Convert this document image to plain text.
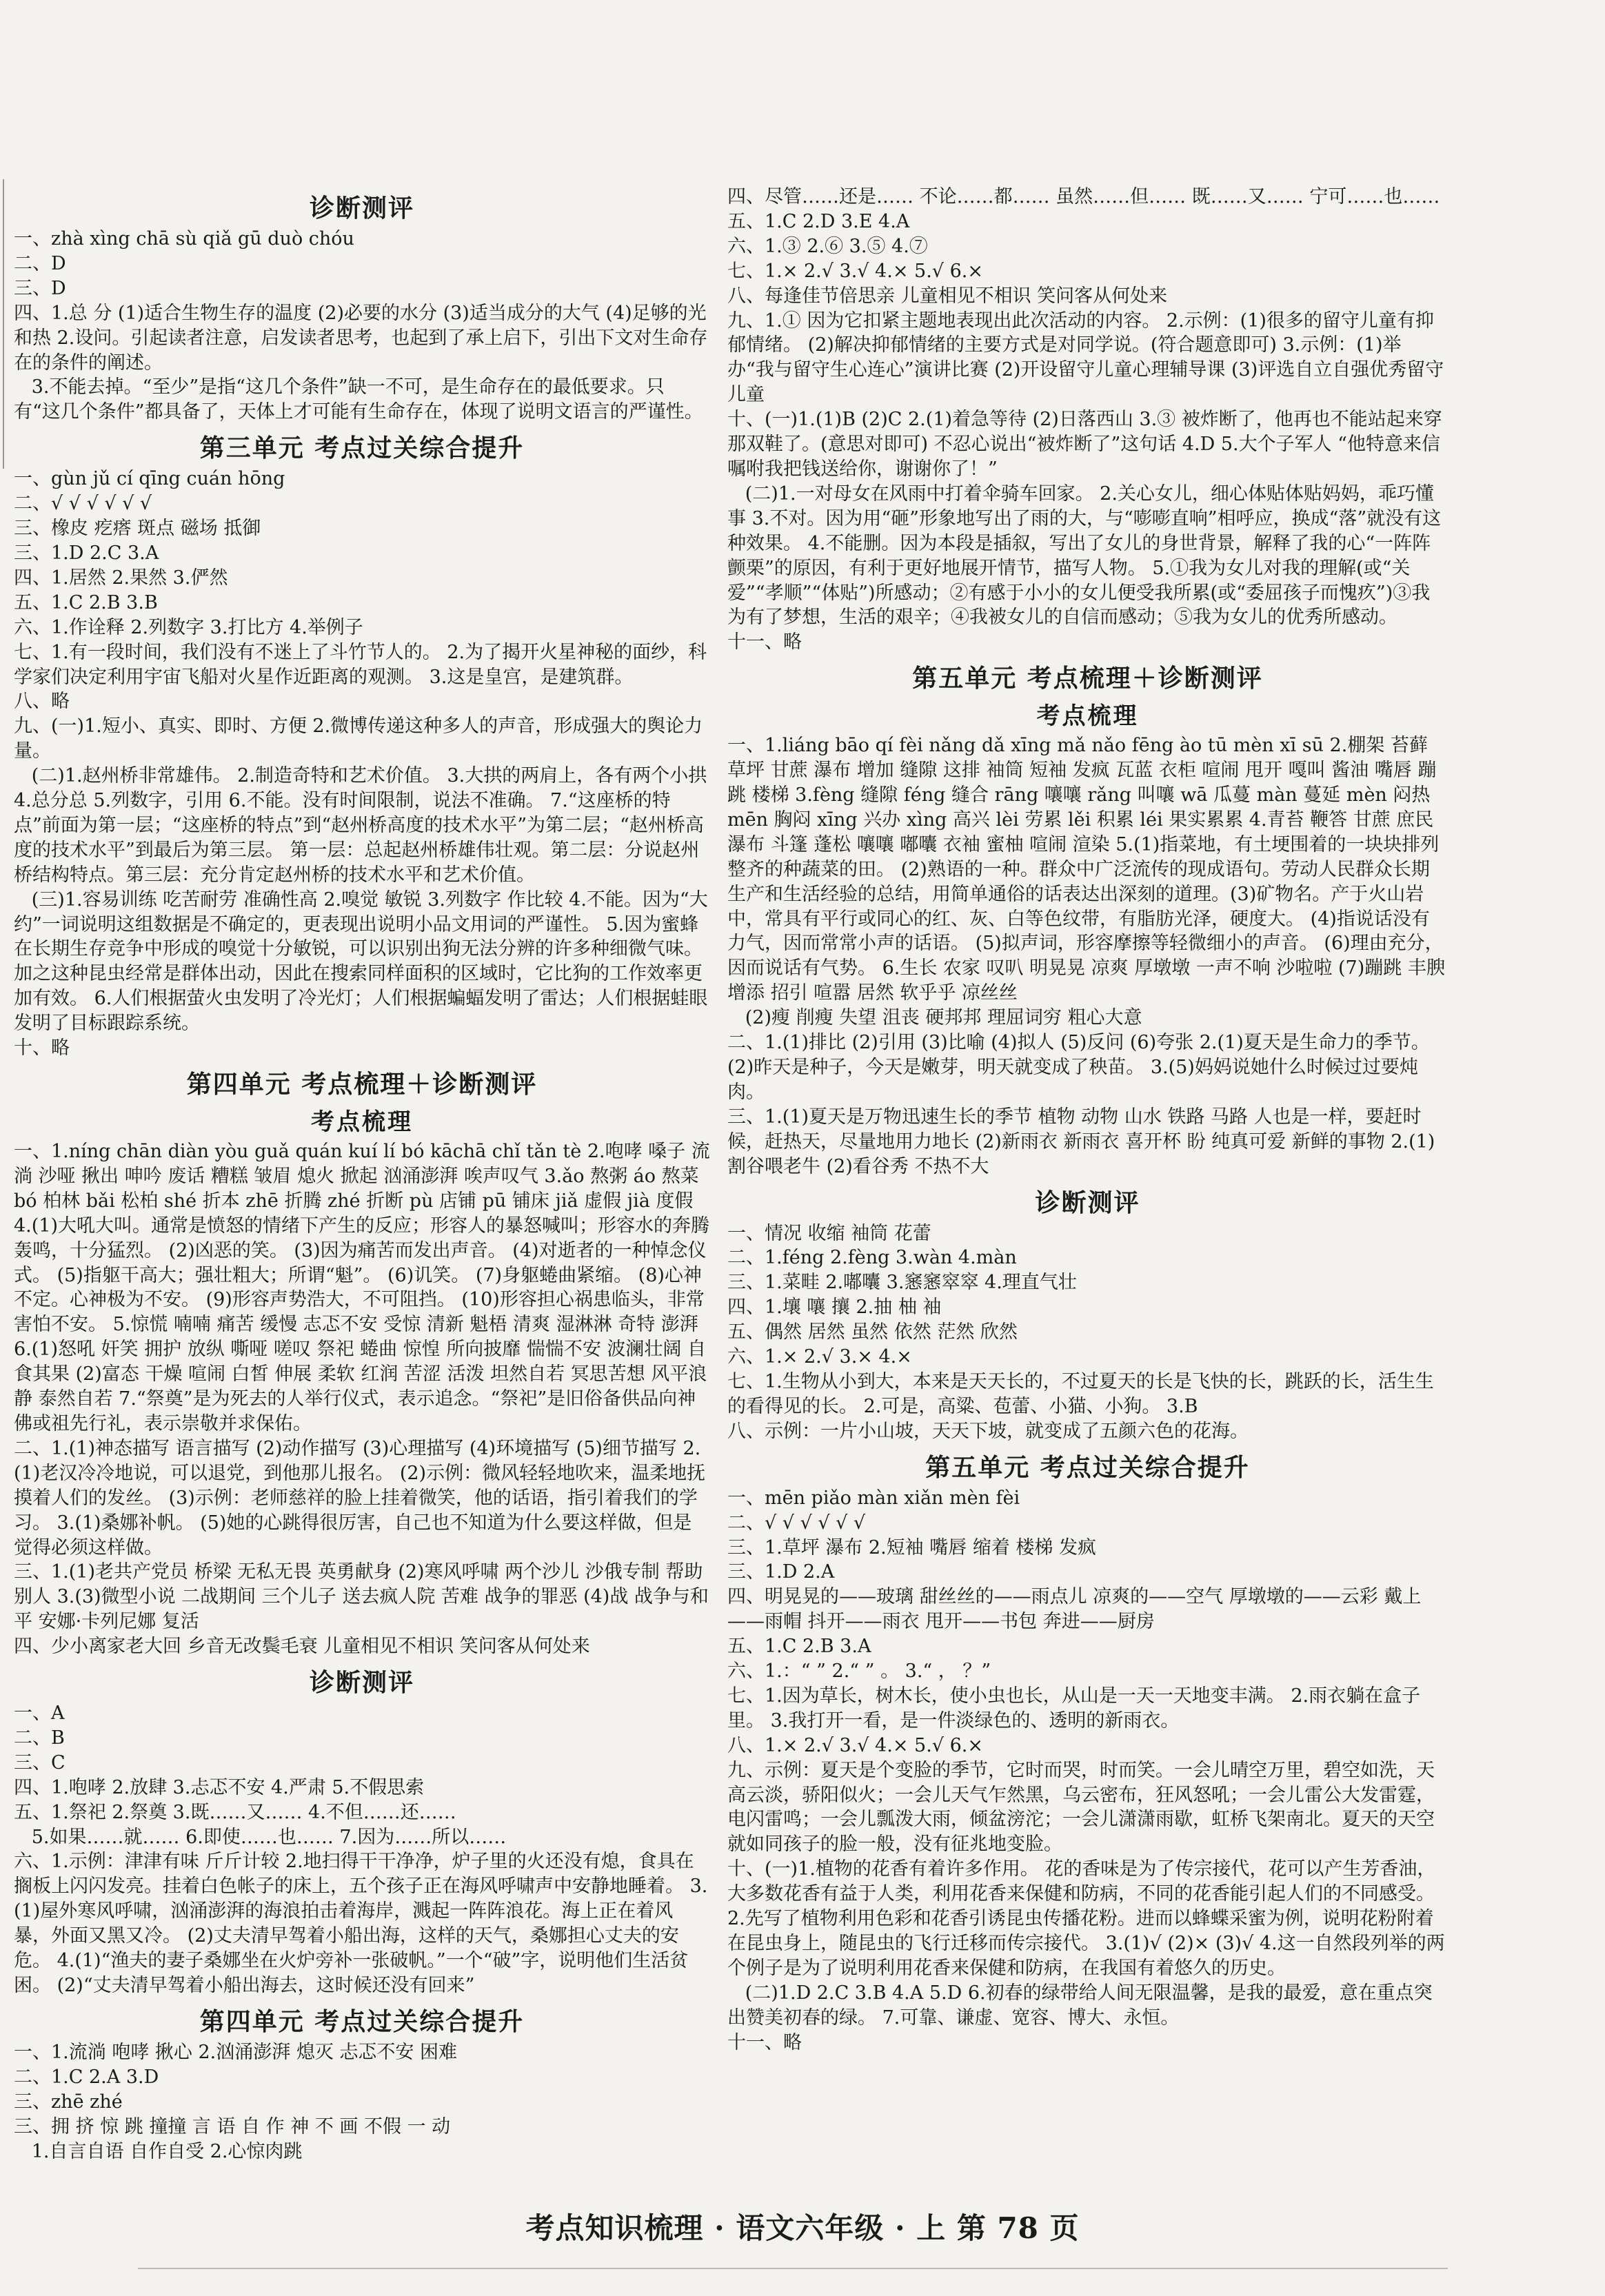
诊断测评
一、zhà xìng chā sù qiǎ gū duò chóu
二、D
三、D
四、1.总 分 (1)适合生物生存的温度 (2)必要的水分 (3)适当成分的大气 (4)足够的光和热 2.设问。引起读者注意，启发读者思考，也起到了承上启下，引出下文对生命存在的条件的阐述。
3.不能去掉。“至少”是指“这几个条件”缺一不可，是生命存在的最低要求。只有“这几个条件”都具备了，天体上才可能有生命存在，体现了说明文语言的严谨性。
第三单元 考点过关综合提升
一、gùn jǔ cí qīng cuán hōng
二、√ √ √ √ √ √
三、橡皮 疙瘩 斑点 磁场 抵御
三、1.D 2.C 3.A
四、1.居然 2.果然 3.俨然
五、1.C 2.B 3.B
六、1.作诠释 2.列数字 3.打比方 4.举例子
七、1.有一段时间，我们没有不迷上了斗竹节人的。 2.为了揭开火星神秘的面纱，科学家们决定利用宇宙飞船对火星作近距离的观测。 3.这是皇宫，是建筑群。
八、略
九、(一)1.短小、真实、即时、方便 2.微博传递这种多人的声音，形成强大的舆论力量。
(二)1.赵州桥非常雄伟。 2.制造奇特和艺术价值。 3.大拱的两肩上，各有两个小拱 4.总分总 5.列数字，引用 6.不能。没有时间限制，说法不准确。 7.“这座桥的特点”前面为第一层；“这座桥的特点”到“赵州桥高度的技术水平”为第二层；“赵州桥高度的技术水平”到最后为第三层。 第一层：总起赵州桥雄伟壮观。第二层：分说赵州桥结构特点。第三层：充分肯定赵州桥的技术水平和艺术价值。
(三)1.容易训练 吃苦耐劳 准确性高 2.嗅觉 敏锐 3.列数字 作比较 4.不能。因为“大约”一词说明这组数据是不确定的，更表现出说明小品文用词的严谨性。 5.因为蜜蜂在长期生存竞争中形成的嗅觉十分敏锐，可以识别出狗无法分辨的许多种细微气味。加之这种昆虫经常是群体出动，因此在搜索同样面积的区域时，它比狗的工作效率更加有效。 6.人们根据萤火虫发明了冷光灯；人们根据蝙蝠发明了雷达；人们根据蛙眼发明了目标跟踪系统。
十、略
第四单元 考点梳理＋诊断测评
考点梳理
一、1.níng chān diàn yòu guǎ quán kuí lí bó kāchā chǐ tǎn tè 2.咆哮 嗓子 流淌 沙哑 揪出 呻吟 废话 糟糕 皱眉 熄火 掀起 汹涌澎湃 唉声叹气 3.ǎo 熬粥 áo 熬菜 bó 柏林 bǎi 松柏 shé 折本 zhē 折腾 zhé 折断 pù 店铺 pū 铺床 jiǎ 虚假 jià 度假 4.(1)大吼大叫。通常是愤怒的情绪下产生的反应；形容人的暴怒喊叫；形容水的奔腾轰鸣，十分猛烈。 (2)凶恶的笑。 (3)因为痛苦而发出声音。 (4)对逝者的一种悼念仪式。 (5)指躯干高大；强壮粗大；所谓“魁”。 (6)讥笑。 (7)身躯蜷曲紧缩。 (8)心神不定。心神极为不安。 (9)形容声势浩大，不可阻挡。 (10)形容担心祸患临头，非常害怕不安。 5.惊慌 喃喃 痛苦 缓慢 志忑不安 受惊 清新 魁梧 清爽 湿淋淋 奇特 澎湃 6.(1)怒吼 奸笑 拥护 放纵 嘶哑 嗟叹 祭祀 蜷曲 惊惶 所向披靡 惴惴不安 波澜壮阔 自食其果 (2)富态 干燥 喧闹 白皙 伸展 柔软 红润 苦涩 活泼 坦然自若 冥思苦想 风平浪静 泰然自若 7.“祭奠”是为死去的人举行仪式，表示追念。“祭祀”是旧俗备供品向神佛或祖先行礼，表示崇敬并求保佑。
二、1.(1)神态描写 语言描写 (2)动作描写 (3)心理描写 (4)环境描写 (5)细节描写 2.(1)老汉冷冷地说，可以退党，到他那儿报名。 (2)示例：微风轻轻地吹来，温柔地抚摸着人们的发丝。 (3)示例：老师慈祥的脸上挂着微笑，他的话语，指引着我们的学习。 3.(1)桑娜补帆。 (5)她的心跳得很厉害，自己也不知道为什么要这样做，但是觉得必须这样做。
三、1.(1)老共产党员 桥梁 无私无畏 英勇献身 (2)寒风呼啸 两个沙儿 沙俄专制 帮助别人 3.(3)微型小说 二战期间 三个儿子 送去疯人院 苦难 战争的罪恶 (4)战 战争与和平 安娜·卡列尼娜 复活
四、少小离家老大回 乡音无改鬓毛衰 儿童相见不相识 笑问客从何处来
诊断测评
一、A
二、B
三、C
四、1.咆哮 2.放肆 3.忐忑不安 4.严肃 5.不假思索
五、1.祭祀 2.祭奠 3.既……又…… 4.不但……还……
5.如果……就…… 6.即使……也…… 7.因为……所以……
六、1.示例：津津有味 斤斤计较 2.地扫得干干净净，炉子里的火还没有熄，食具在搁板上闪闪发亮。挂着白色帐子的床上，五个孩子正在海风呼啸声中安静地睡着。 3.(1)屋外寒风呼啸，汹涌澎湃的海浪拍击着海岸，溅起一阵阵浪花。海上正在着风暴，外面又黑又冷。 (2)丈夫清早驾着小船出海，这样的天气，桑娜担心丈夫的安危。 4.(1)“渔夫的妻子桑娜坐在火炉旁补一张破帆。”一个“破”字，说明他们生活贫困。 (2)“丈夫清早驾着小船出海去，这时候还没有回来”
第四单元 考点过关综合提升
一、1.流淌 咆哮 揪心 2.汹涌澎湃 熄灭 忐忑不安 困难
二、1.C 2.A 3.D
三、zhē zhé
三、拥 挤 惊 跳 撞撞 言 语 自 作 神 不 画 不假 一 动
1.自言自语 自作自受 2.心惊肉跳
四、尽管……还是…… 不论……都…… 虽然……但…… 既……又…… 宁可……也……
五、1.C 2.D 3.E 4.A
六、1.③ 2.⑥ 3.⑤ 4.⑦
七、1.× 2.√ 3.√ 4.× 5.√ 6.×
八、每逢佳节倍思亲 儿童相见不相识 笑问客从何处来
九、1.① 因为它扣紧主题地表现出此次活动的内容。 2.示例：(1)很多的留守儿童有抑郁情绪。 (2)解决抑郁情绪的主要方式是对同学说。(符合题意即可) 3.示例：(1)举办“我与留守生心连心”演讲比赛 (2)开设留守儿童心理辅导课 (3)评选自立自强优秀留守儿童
十、(一)1.(1)B (2)C 2.(1)着急等待 (2)日落西山 3.③ 被炸断了，他再也不能站起来穿那双鞋了。(意思对即可) 不忍心说出“被炸断了”这句话 4.D 5.大个子军人 “他特意来信嘱咐我把钱送给你，谢谢你了！”
(二)1.一对母女在风雨中打着伞骑车回家。 2.关心女儿，细心体贴体贴妈妈，乖巧懂事 3.不对。因为用“砸”形象地写出了雨的大，与“嘭嘭直响”相呼应，换成“落”就没有这种效果。 4.不能删。因为本段是插叙，写出了女儿的身世背景，解释了我的心“一阵阵颤栗”的原因，有利于更好地展开情节，描写人物。 5.①我为女儿对我的理解(或“关爱”“孝顺”“体贴”)所感动；②有感于小小的女儿便受我所累(或“委屈孩子而愧疚”)③我为有了梦想，生活的艰辛；④我被女儿的自信而感动；⑤我为女儿的优秀所感动。
十一、略
第五单元 考点梳理＋诊断测评
考点梳理
一、1.liáng bāo qí fèi nǎng dǎ xīng mǎ nǎo fēng ào tū mèn xī sū 2.棚架 苔藓 草坪 甘蔗 瀑布 增加 缝隙 这排 袖筒 短袖 发疯 瓦蓝 衣柜 喧闹 甩开 嘎叫 酱油 嘴唇 蹦跳 楼梯 3.fèng 缝隙 féng 缝合 rāng 嚷嚷 rǎng 叫嚷 wā 瓜蔓 màn 蔓延 mèn 闷热 mēn 胸闷 xīng 兴办 xìng 高兴 lèi 劳累 lěi 积累 léi 果实累累 4.青苔 鞭答 甘蔗 庶民 瀑布 斗篷 蓬松 嚷嚷 嘟囔 衣袖 蜜柚 喧闹 渲染 5.(1)指菜地，有土埂围着的一块块排列整齐的种蔬菜的田。 (2)熟语的一种。群众中广泛流传的现成语句。劳动人民群众长期生产和生活经验的总结，用简单通俗的话表达出深刻的道理。(3)矿物名。产于火山岩中，常具有平行或同心的红、灰、白等色纹带，有脂肪光泽，硬度大。 (4)指说话没有力气，因而常常小声的话语。 (5)拟声词，形容摩擦等轻微细小的声音。 (6)理由充分，因而说话有气势。 6.生长 农家 叹叭 明晃晃 凉爽 厚墩墩 一声不响 沙啦啦 (7)蹦跳 丰腴 增添 招引 喧嚣 居然 软乎乎 凉丝丝
(2)瘦 削瘦 失望 沮丧 硬邦邦 理屈词穷 粗心大意
二、1.(1)排比 (2)引用 (3)比喻 (4)拟人 (5)反问 (6)夸张 2.(1)夏天是生命力的季节。 (2)昨天是种子，今天是嫩芽，明天就变成了秧苗。 3.(5)妈妈说她什么时候过过要炖肉。
三、1.(1)夏天是万物迅速生长的季节 植物 动物 山水 铁路 马路 人也是一样，要赶时候，赶热天，尽量地用力地长 (2)新雨衣 新雨衣 喜开杯 盼 纯真可爱 新鲜的事物 2.(1)割谷喂老牛 (2)看谷秀 不热不大
诊断测评
一、情况 收缩 袖筒 花蕾
二、1.féng 2.fèng 3.wàn 4.màn
三、1.菜畦 2.嘟囔 3.窸窸窣窣 4.理直气壮
四、1.壤 嚷 攘 2.抽 柚 袖
五、偶然 居然 虽然 依然 茫然 欣然
六、1.× 2.√ 3.× 4.×
七、1.生物从小到大，本来是天天长的，不过夏天的长是飞快的长，跳跃的长，活生生的看得见的长。 2.可是，高粱、苞蕾、小猫、小狗。 3.B
八、示例：一片小山坡，天天下坡，就变成了五颜六色的花海。
第五单元 考点过关综合提升
一、mēn piǎo màn xiǎn mèn fèi
二、√ √ √ √ √ √
三、1.草坪 瀑布 2.短袖 嘴唇 缩着 楼梯 发疯
三、1.D 2.A
四、明晃晃的——玻璃 甜丝丝的——雨点儿 凉爽的——空气 厚墩墩的——云彩 戴上——雨帽 抖开——雨衣 甩开——书包 奔进——厨房
五、1.C 2.B 3.A
六、1.：“ ” 2.“ ” 。 3.“ ， ？”
七、1.因为草长，树木长，使小虫也长，从山是一天一天地变丰满。 2.雨衣躺在盒子里。 3.我打开一看，是一件淡绿色的、透明的新雨衣。
八、1.× 2.√ 3.√ 4.× 5.√ 6.×
九、示例：夏天是个变脸的季节，它时而哭，时而笑。一会儿晴空万里，碧空如洗，天高云淡，骄阳似火；一会儿天气乍然黑，乌云密布，狂风怒吼；一会儿雷公大发雷霆，电闪雷鸣；一会儿瓢泼大雨，倾盆滂沱；一会儿潇潇雨歇，虹桥飞架南北。夏天的天空就如同孩子的脸一般，没有征兆地变脸。
十、(一)1.植物的花香有着许多作用。 花的香味是为了传宗接代，花可以产生芳香油，大多数花香有益于人类，利用花香来保健和防病，不同的花香能引起人们的不同感受。 2.先写了植物利用色彩和花香引诱昆虫传播花粉。进而以蜂蝶采蜜为例，说明花粉附着在昆虫身上，随昆虫的飞行迁移而传宗接代。 3.(1)√ (2)× (3)√ 4.这一自然段列举的两个例子是为了说明利用花香来保健和防病，在我国有着悠久的历史。
(二)1.D 2.C 3.B 4.A 5.D 6.初春的绿带给人间无限温馨，是我的最爱，意在重点突出赞美初春的绿。 7.可靠、谦虚、宽容、博大、永恒。
十一、略
考点知识梳理 · 语文六年级 · 上 第 78 页
